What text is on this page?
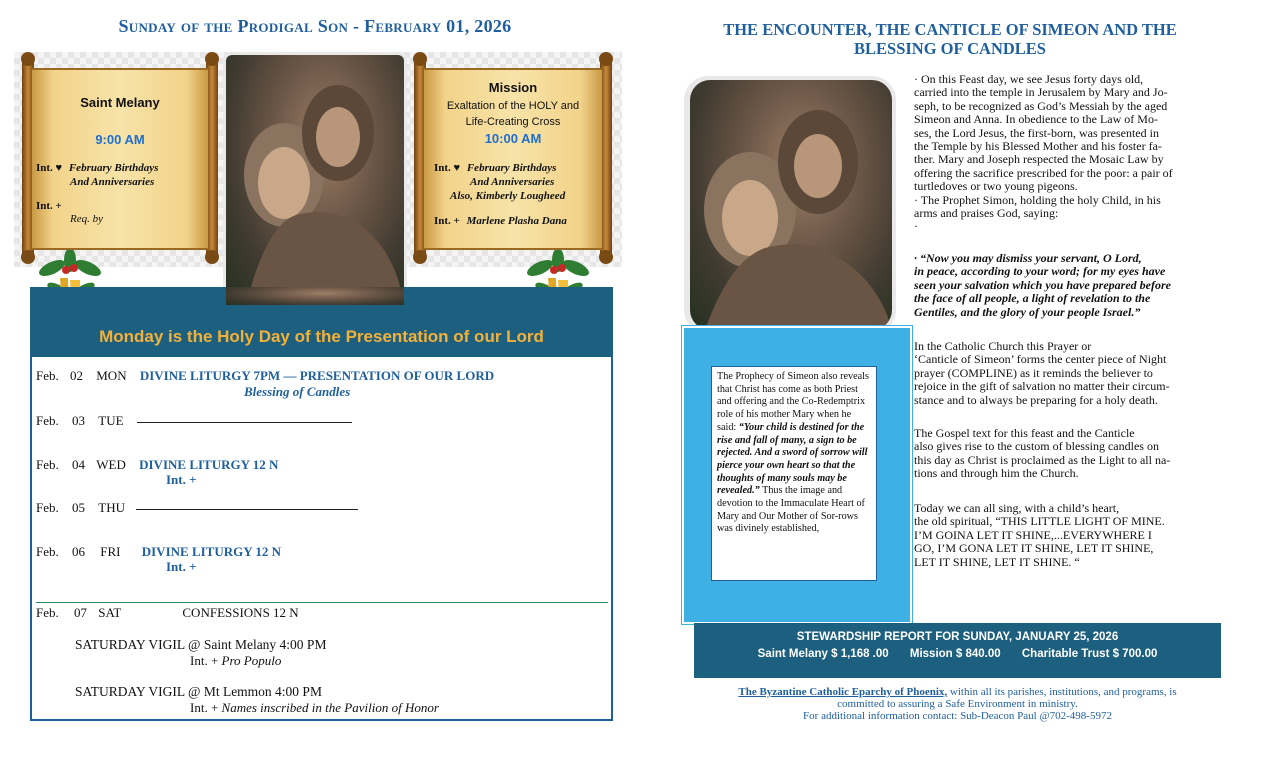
Sunday of the Prodigal Son - February 01, 2026
Saint Melany
9:00 AM
Int. ♥ February Birthdays
And Anniversaries
Int. +
Req. by
Mission
Exaltation of the HOLY and
Life-Creating Cross
10:00 AM
Int. ♥ February Birthdays
And Anniversaries
Also, Kimberly Lougheed
Int. + Marlene Plasha Dana
Monday is the Holy Day of the Presentation of our Lord
Feb. 02 MON DIVINE LITURGY 7PM — PRESENTATION OF OUR LORD
Blessing of Candles
Feb. 03 TUE
Feb. 04 WED DIVINE LITURGY 12 N
Int. +
Feb. 05 THU
Feb. 06 FRI DIVINE LITURGY 12 N
Int. +
Feb. 07 SAT	CONFESSIONS 12 N
SATURDAY VIGIL @ Saint Melany 4:00 PM
Int. + Pro Populo
SATURDAY VIGIL @ Mt Lemmon 4:00 PM
Int. + Names inscribed in the Pavilion of Honor
THE ENCOUNTER, THE CANTICLE OF SIMEON AND THE
BLESSING OF CANDLES
· On this Feast day, we see Jesus forty days old,
carried into the temple in Jerusalem by Mary and Jo-
seph, to be recognized as God’s Messiah by the aged
Simeon and Anna. In obedience to the Law of Mo-
ses, the Lord Jesus, the first-born, was presented in
the Temple by his Blessed Mother and his foster fa-
ther. Mary and Joseph respected the Mosaic Law by
offering the sacrifice prescribed for the poor: a pair of
turtledoves or two young pigeons.
· The Prophet Simon, holding the holy Child, in his
arms and praises God, saying:
·
· “Now you may dismiss your servant, O Lord,
in peace, according to your word; for my eyes have
seen your salvation which you have prepared before
the face of all people, a light of revelation to the
Gentiles, and the glory of your people Israel.”
In the Catholic Church this Prayer or
‘Canticle of Simeon’ forms the center piece of Night
prayer (COMPLINE) as it reminds the believer to
rejoice in the gift of salvation no matter their circum-
stance and to always be preparing for a holy death.
The Gospel text for this feast and the Canticle
also gives rise to the custom of blessing candles on
this day as Christ is proclaimed as the Light to all na-
tions and through him the Church.
Today we can all sing, with a child’s heart,
the old spiritual, “THIS LITTLE LIGHT OF MINE.
I’M GOINA LET IT SHINE,...EVERYWHERE I
GO, I’M GONA LET IT SHINE, LET IT SHINE,
LET IT SHINE, LET IT SHINE. “
The Prophecy of Simeon also reveals that Christ has come as both Priest and offering and the Co-Redemptrix role of his mother Mary when he said: “Your child is destined for the rise and fall of many, a sign to be rejected. And a sword of sorrow will pierce your own heart so that the thoughts of many souls may be revealed.” Thus the image and devotion to the Immaculate Heart of Mary and Our Mother of Sor-rows was divinely established,
STEWARDSHIP REPORT FOR SUNDAY, JANUARY 25, 2026
Saint Melany $ 1,168 .00 Mission $ 840.00 Charitable Trust $ 700.00
The Byzantine Catholic Eparchy of Phoenix, within all its parishes, institutions, and programs, is
committed to assuring a Safe Environment in ministry.
For additional information contact: Sub-Deacon Paul @702-498-5972
